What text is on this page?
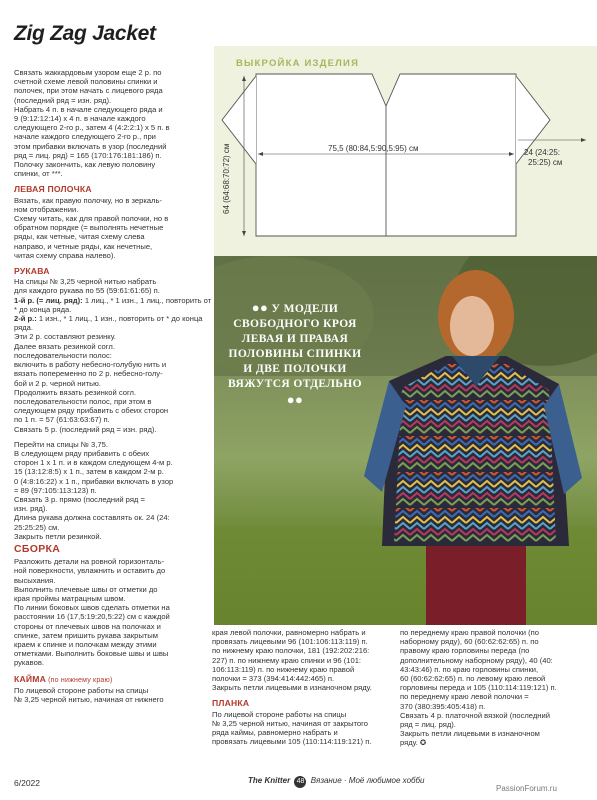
Zig Zag Jacket

Связать жаккардовым узором еще 2 р. по
счетной схеме левой половины спинки и
полочек, при этом начать с лицевого ряда
(последний ряд = изн. ряд).
Набрать 4 п. в начале следующего ряда и
9 (9:12:12:14) х 4 п. в начале каждого
следующего 2-го р., затем 4 (4:2:2:1) х 5 п. в
начале каждого следующего 2-го р., при
этом прибавки включать в узор (последний
ряд = лиц. ряд) = 165 (170:176:181:186) п.
Полочку закончить, как левую половину
спинки, от ***.

ЛЕВАЯ ПОЛОЧКА

Вязать, как правую полочку, но в зеркаль-
ном отображении.
Схему читать, как для правой полочки, но в
обратном порядке (= выполнять нечетные
ряды, как четные, читая схему слева
направо, и четные ряды, как нечетные,
читая схему справа налево).

РУКАВА

На спицы № 3,25 черной нитью набрать
для каждого рукава по 55 (59:61:61:65) п.
1-й р. (= лиц. ряд): 1 лиц., * 1 изн., 1 лиц., повторить от * до конца ряда.
2-й р.: 1 изн., * 1 лиц., 1 изн., повторить от * до конца ряда.
Эти 2 р. составляют резинку.
Далее вязать резинкой согл.
последовательности полос:
включить в работу небесно-голубую нить и
вязать попеременно по 2 р. небесно-голу-
бой и 2 р. черной нитью.
Продолжить вязать резинкой согл.
последовательности полос, при этом в
следующем ряду прибавить с обеих сторон
по 1 п. = 57 (61:63:63:67) п.
Связать 5 р. (последний ряд = изн. ряд).

Перейти на спицы № 3,75.
В следующем ряду прибавить с обеих
сторон 1 х 1 п. и в каждом следующем 4-м р.
15 (13:12:8:5) х 1 п., затем в каждом 2-м р.
0 (4:8:16:22) х 1 п., прибавки включать в узор
= 89 (97:105:113:123) п.
Связать 3 р. прямо (последний ряд =
изн. ряд).
Длина рукава должна составлять ок. 24 (24:
25:25:25) см.
Закрыть петли резинкой.

СБОРКА

Разложить детали на ровной горизонталь-
ной поверхности, увлажнить и оставить до
высыхания.
Выполнить плечевые швы от отметки до
края проймы матрацным швом.
По линии боковых швов сделать отметки на
расстоянии 16 (17,5:19:20,5:22) см с каждой
стороны от плечевых швов на полочках и
спинке, затем пришить рукава закрытым
краем к спинке и полочкам между этими
отметками. Выполнить боковые швы и швы
рукавов.

КАЙМА (по нижнему краю)

По лицевой стороне работы на спицы
№ 3,25 черной нитью, начиная от нижнего

ВЫКРОЙКА ИЗДЕЛИЯ
75,5 (80:84,5:90,5:95) см
64 (64:68:70:72) см	24 (24:25:
25:25) см
●● У МОДЕЛИ СВОБОДНОГО КРОЯ ЛЕВАЯ И ПРАВАЯ ПОЛОВИНЫ СПИНКИ И ДВЕ ПОЛОЧКИ ВЯЖУТСЯ ОТДЕЛЬНО ●●

края левой полочки, равномерно набрать и
провязать лицевыми 96 (101:106:113:119) п.
по нижнему краю полочки, 181 (192:202:216:
227) п. по нижнему краю спинки и 96 (101:
106:113:119) п. по нижнему краю правой
полочки = 373 (394:414:442:465) п.
Закрыть петли лицевыми в изнаночном ряду.

ПЛАНКА

По лицевой стороне работы на спицы
№ 3,25 черной нитью, начиная от закрытого
ряда каймы, равномерно набрать и
провязать лицевыми 105 (110:114:119:121) п.

по переднему краю правой полочки (по
наборному ряду), 60 (60:62:62:65) п. по
правому краю горловины переда (по
дополнительному наборному ряду), 40 (40:
43:43:46) п. по краю горловины спинки,
60 (60:62:62:65) п. по левому краю левой
горловины переда и 105 (110:114:119:121) п.
по переднему краю левой полочки =
370 (380:395:405:418) п.
Связать 4 р. платочной вязкой (последний
ряд = лиц. ряд).
Закрыть петли лицевыми в изнаночном
ряду. ✪

6/2022	The Knitter 48 Вязание · Моё любимое хобби
PassionForum.ru
